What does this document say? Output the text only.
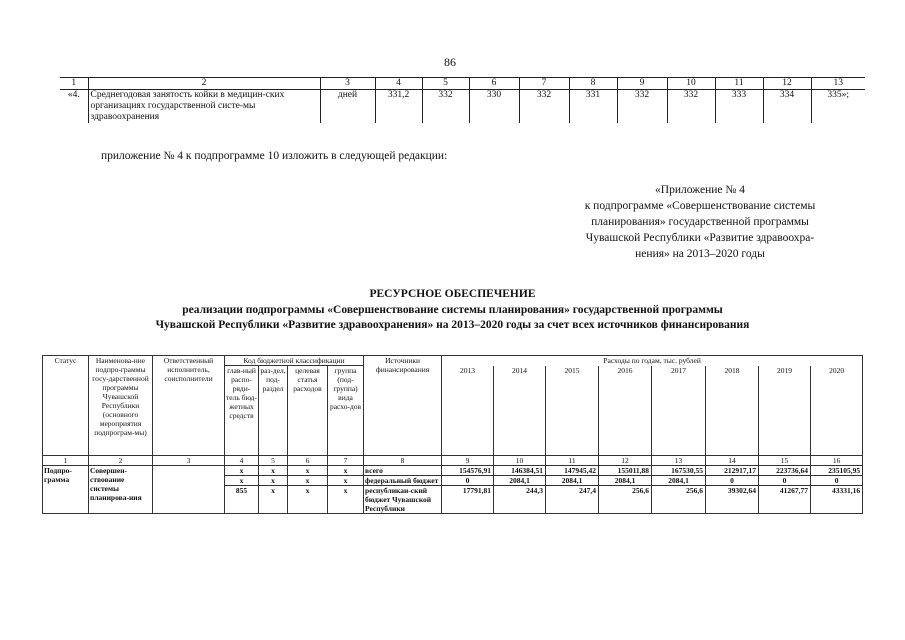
86
1	2	3	4	5	6	7	8	9	10	11	12	13
«4.	Среднегодовая занятость койки в медицин-ских организациях государственной систе-мы здравоохранения	дней	331,2	332	330	332	331	332	332	333	334	335»;
приложение № 4 к подпрограмме 10 изложить в следующей редакции:
«Приложение № 4
к подпрограмме «Совершенствование системы
планирования» государственной программы
Чувашской Республики «Развитие здравоохра-
нения» на 2013–2020 годы
РЕСУРСНОЕ ОБЕСПЕЧЕНИЕ
реализации подпрограммы «Совершенствование системы планирования» государственной программы
Чувашской Республики «Развитие здравоохранения» на 2013–2020 годы за счет всех источников финансирования
Статус	Наименова-ние подпро-граммы госу-дарственной программы Чувашской Республики (основного мероприятия подпрограм-мы)	Ответственный исполнитель, соисполнители	Код бюджетной классификации				Источники финансирования	Расходы по годам, тыс. рублей							
			глав-ный распо-ряди-тель бюд-жетных средств	раз-дел, под-раздел	целевая статья расходов	группа (под-группа) вида расхо-дов		2013	2014	2015	2016	2017	2018	2019	2020
1	2	3	4	5	6	7	8	9	10	11	12	13	14	15	16
Подпро-грамма	Совершен-ствование системы планирова-ния		x	x	x	x	всего	154576,91	146384,51	147945,42	155011,88	167530,55	212917,17	223736,64	235105,95
			x	x	x	x	федеральный бюджет	0	2084,1	2084,1	2084,1	2084,1	0	0	0
			855	x	x	x	республикан-ский бюджет Чувашской Республики	17791,81	244,3	247,4	256,6	256,6	39302,64	41267,77	43331,16
